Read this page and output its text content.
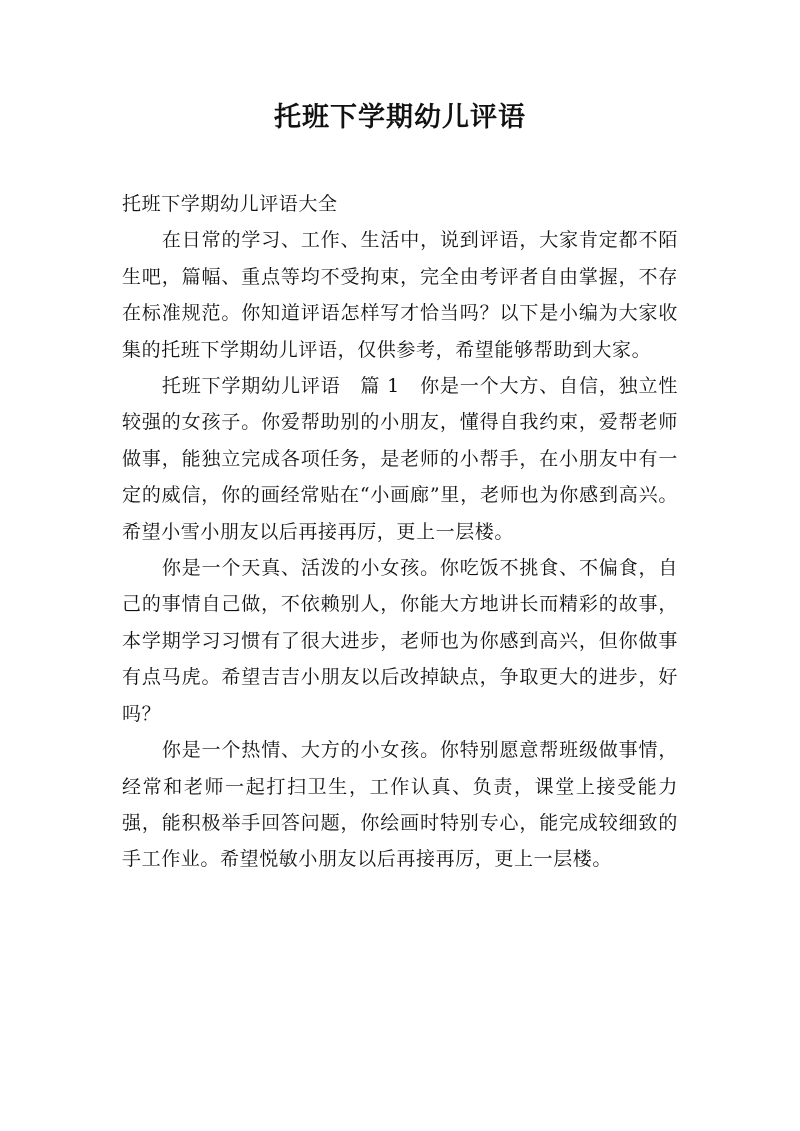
托班下学期幼儿评语

托班下学期幼儿评语大全

在日常的学习、工作、生活中，说到评语，大家肯定都不陌生吧，篇幅、重点等均不受拘束，完全由考评者自由掌握，不存在标准规范。你知道评语怎样写才恰当吗？以下是小编为大家收集的托班下学期幼儿评语，仅供参考，希望能够帮助到大家。

托班下学期幼儿评语　篇 1 你是一个大方、自信，独立性较强的女孩子。你爱帮助别的小朋友，懂得自我约束，爱帮老师做事，能独立完成各项任务，是老师的小帮手，在小朋友中有一定的威信，你的画经常贴在“小画廊”里，老师也为你感到高兴。希望小雪小朋友以后再接再厉，更上一层楼。

你是一个天真、活泼的小女孩。你吃饭不挑食、不偏食，自己的事情自己做，不依赖别人，你能大方地讲长而精彩的故事，本学期学习习惯有了很大进步，老师也为你感到高兴，但你做事有点马虎。希望吉吉小朋友以后改掉缺点，争取更大的进步，好吗？

你是一个热情、大方的小女孩。你特别愿意帮班级做事情，经常和老师一起打扫卫生，工作认真、负责，课堂上接受能力强，能积极举手回答问题，你绘画时特别专心，能完成较细致的手工作业。希望悦敏小朋友以后再接再厉，更上一层楼。
